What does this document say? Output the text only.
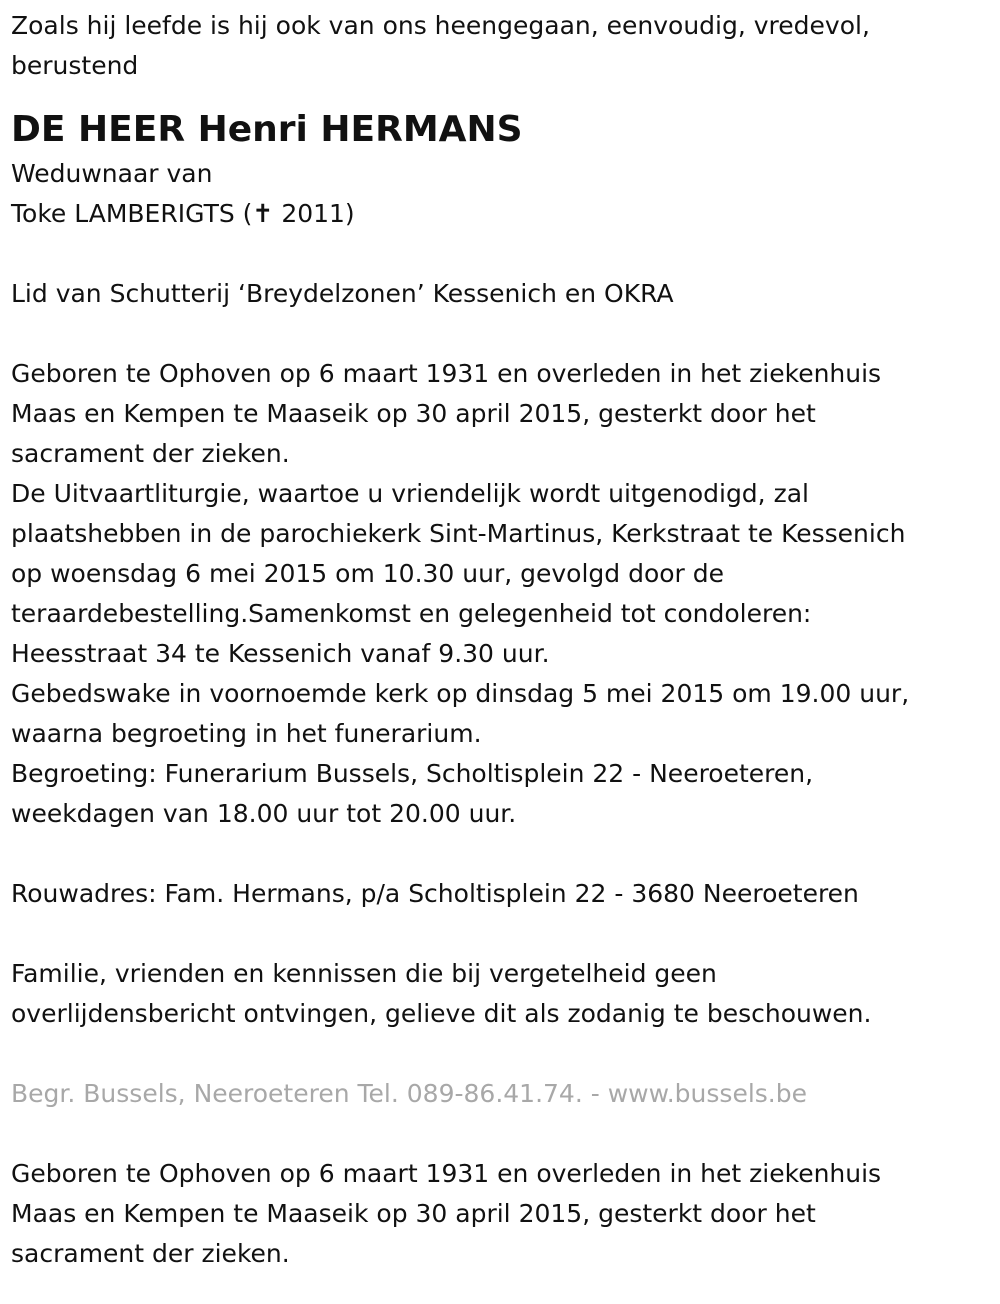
Zoals hij leefde is hij ook van ons heengegaan, eenvoudig, vredevol,
berustend
DE HEER Henri HERMANS
Weduwnaar van
Toke LAMBERIGTS (✝ 2011)
Lid van Schutterij ‘Breydelzonen’ Kessenich en OKRA
Geboren te Ophoven op 6 maart 1931 en overleden in het ziekenhuis
Maas en Kempen te Maaseik op 30 april 2015, gesterkt door het
sacrament der zieken.
De Uitvaartliturgie, waartoe u vriendelijk wordt uitgenodigd, zal
plaatshebben in de parochiekerk Sint-Martinus, Kerkstraat te Kessenich
op woensdag 6 mei 2015 om 10.30 uur, gevolgd door de
teraardebestelling.Samenkomst en gelegenheid tot condoleren:
Heesstraat 34 te Kessenich vanaf 9.30 uur.
Gebedswake in voornoemde kerk op dinsdag 5 mei 2015 om 19.00 uur,
waarna begroeting in het funerarium.
Begroeting: Funerarium Bussels, Scholtisplein 22 - Neeroeteren,
weekdagen van 18.00 uur tot 20.00 uur.
Rouwadres: Fam. Hermans, p/a Scholtisplein 22 - 3680 Neeroeteren
Familie, vrienden en kennissen die bij vergetelheid geen
overlijdensbericht ontvingen, gelieve dit als zodanig te beschouwen.
Begr. Bussels, Neeroeteren Tel. 089-86.41.74. - www.bussels.be
Geboren te Ophoven op 6 maart 1931 en overleden in het ziekenhuis
Maas en Kempen te Maaseik op 30 april 2015, gesterkt door het
sacrament der zieken.
